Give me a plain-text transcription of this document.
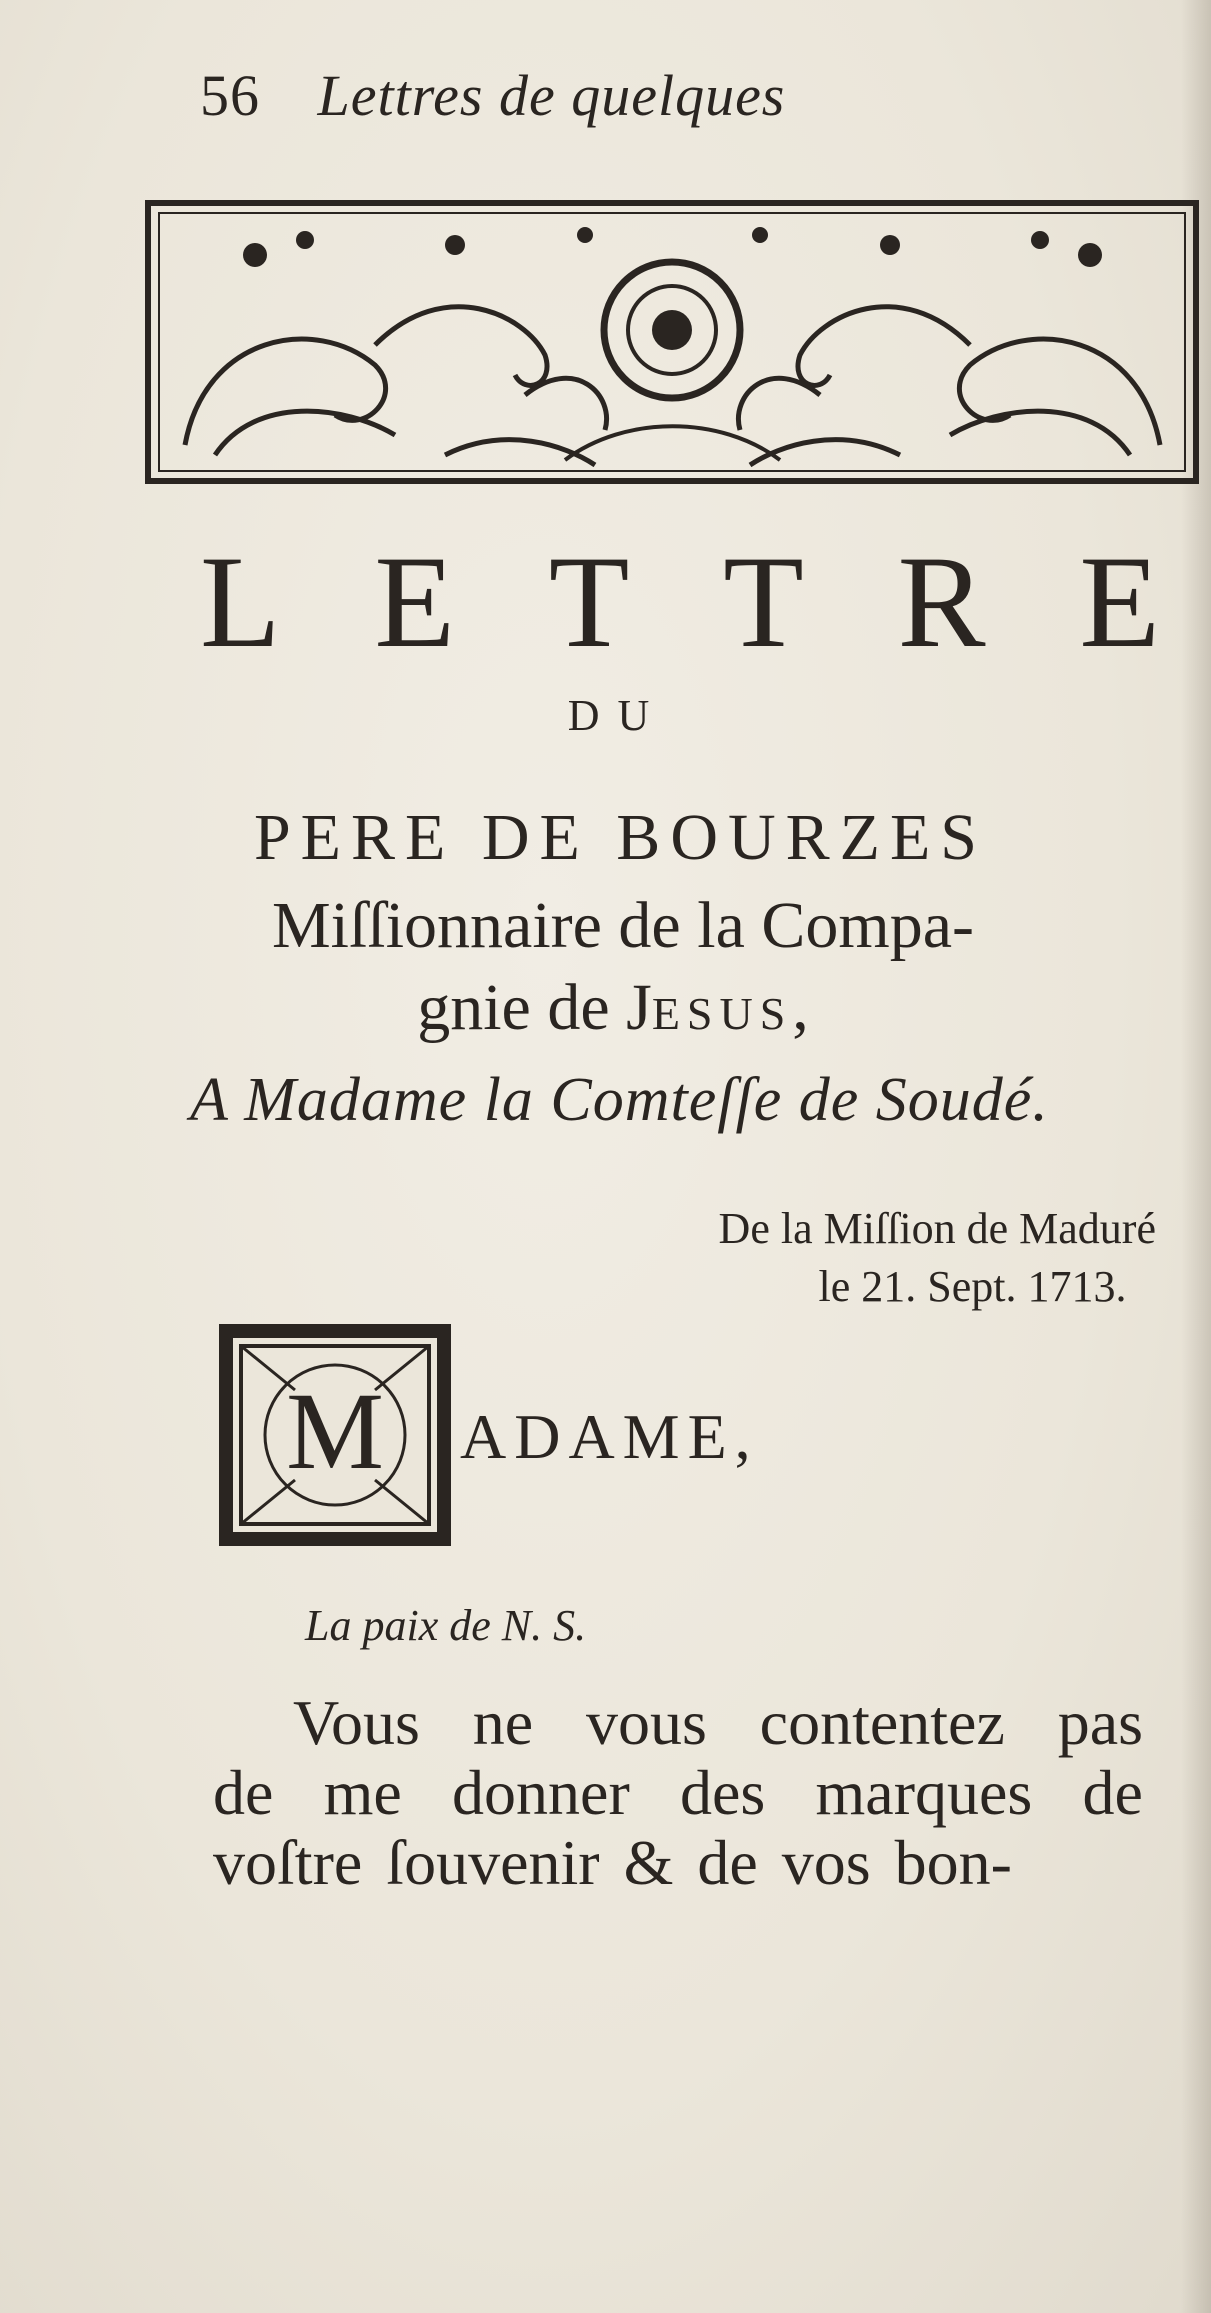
56 Lettres de quelques
L E T T R E
DU
PERE DE BOURZES
Miſſionnaire de la Compa-
gnie de JESUS,
A Madame la Comteſſe de Soudé.
De la Miſſion de Maduré
le 21. Sept. 1713.
M ADAME,
La paix de N. S.
Vous ne vous contentez pas
de me donner des marques de
voſtre ſouvenir & de vos bon-
